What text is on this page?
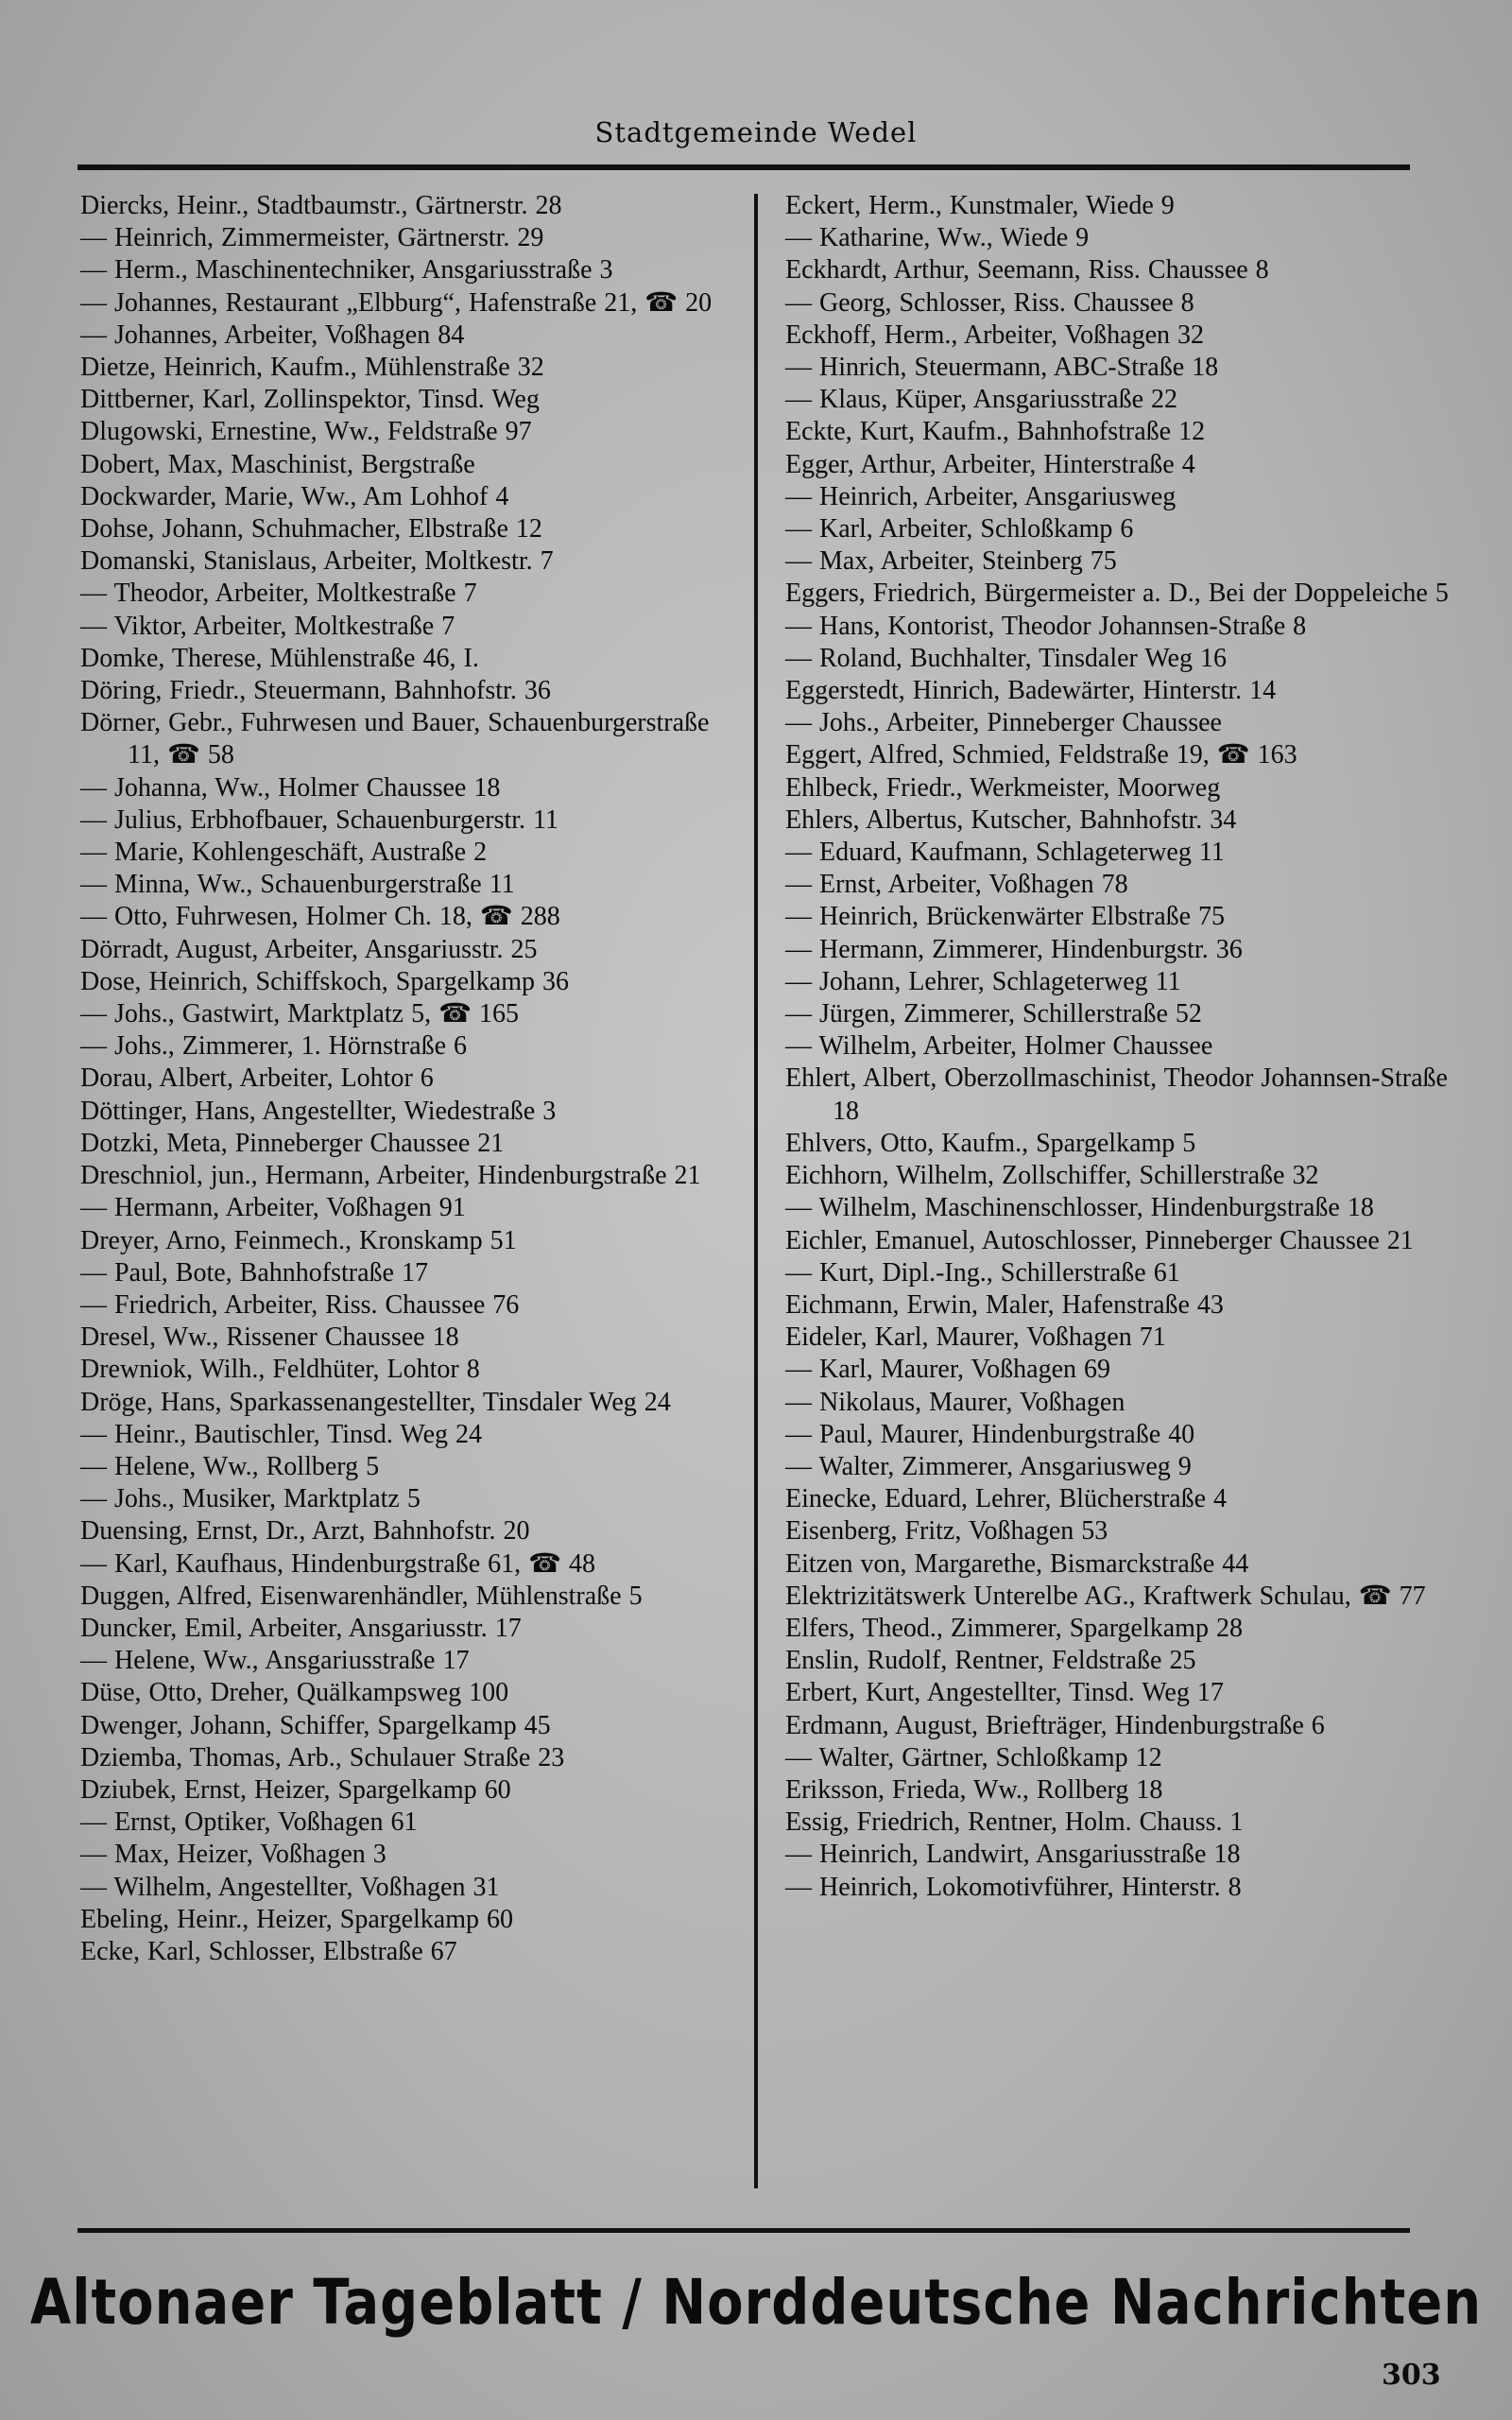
Stadtgemeinde Wedel
Diercks, Heinr., Stadtbaumstr., Gärtnerstr. 28
— Heinrich, Zimmermeister, Gärtnerstr. 29
— Herm., Maschinentechniker, Ansgariusstraße 3
— Johannes, Restaurant „Elbburg“, Hafenstraße 21, ☎ 20
— Johannes, Arbeiter, Voßhagen 84
Dietze, Heinrich, Kaufm., Mühlenstraße 32
Dittberner, Karl, Zollinspektor, Tinsd. Weg
Dlugowski, Ernestine, Ww., Feldstraße 97
Dobert, Max, Maschinist, Bergstraße
Dockwarder, Marie, Ww., Am Lohhof 4
Dohse, Johann, Schuhmacher, Elbstraße 12
Domanski, Stanislaus, Arbeiter, Moltkestr. 7
— Theodor, Arbeiter, Moltkestraße 7
— Viktor, Arbeiter, Moltkestraße 7
Domke, Therese, Mühlenstraße 46, I.
Döring, Friedr., Steuermann, Bahnhofstr. 36
Dörner, Gebr., Fuhrwesen und Bauer, Schauenburgerstraße 11, ☎ 58
— Johanna, Ww., Holmer Chaussee 18
— Julius, Erbhofbauer, Schauenburgerstr. 11
— Marie, Kohlengeschäft, Austraße 2
— Minna, Ww., Schauenburgerstraße 11
— Otto, Fuhrwesen, Holmer Ch. 18, ☎ 288
Dörradt, August, Arbeiter, Ansgariusstr. 25
Dose, Heinrich, Schiffskoch, Spargelkamp 36
— Johs., Gastwirt, Marktplatz 5, ☎ 165
— Johs., Zimmerer, 1. Hörnstraße 6
Dorau, Albert, Arbeiter, Lohtor 6
Döttinger, Hans, Angestellter, Wiedestraße 3
Dotzki, Meta, Pinneberger Chaussee 21
Dreschniol, jun., Hermann, Arbeiter, Hindenburgstraße 21
— Hermann, Arbeiter, Voßhagen 91
Dreyer, Arno, Feinmech., Kronskamp 51
— Paul, Bote, Bahnhofstraße 17
— Friedrich, Arbeiter, Riss. Chaussee 76
Dresel, Ww., Rissener Chaussee 18
Drewniok, Wilh., Feldhüter, Lohtor 8
Dröge, Hans, Sparkassenangestellter, Tinsdaler Weg 24
— Heinr., Bautischler, Tinsd. Weg 24
— Helene, Ww., Rollberg 5
— Johs., Musiker, Marktplatz 5
Duensing, Ernst, Dr., Arzt, Bahnhofstr. 20
— Karl, Kaufhaus, Hindenburgstraße 61, ☎ 48
Duggen, Alfred, Eisenwarenhändler, Mühlenstraße 5
Duncker, Emil, Arbeiter, Ansgariusstr. 17
— Helene, Ww., Ansgariusstraße 17
Düse, Otto, Dreher, Quälkampsweg 100
Dwenger, Johann, Schiffer, Spargelkamp 45
Dziemba, Thomas, Arb., Schulauer Straße 23
Dziubek, Ernst, Heizer, Spargelkamp 60
— Ernst, Optiker, Voßhagen 61
— Max, Heizer, Voßhagen 3
— Wilhelm, Angestellter, Voßhagen 31
Ebeling, Heinr., Heizer, Spargelkamp 60
Ecke, Karl, Schlosser, Elbstraße 67
Eckert, Herm., Kunstmaler, Wiede 9
— Katharine, Ww., Wiede 9
Eckhardt, Arthur, Seemann, Riss. Chaussee 8
— Georg, Schlosser, Riss. Chaussee 8
Eckhoff, Herm., Arbeiter, Voßhagen 32
— Hinrich, Steuermann, ABC-Straße 18
— Klaus, Küper, Ansgariusstraße 22
Eckte, Kurt, Kaufm., Bahnhofstraße 12
Egger, Arthur, Arbeiter, Hinterstraße 4
— Heinrich, Arbeiter, Ansgariusweg
— Karl, Arbeiter, Schloßkamp 6
— Max, Arbeiter, Steinberg 75
Eggers, Friedrich, Bürgermeister a. D., Bei der Doppeleiche 5
— Hans, Kontorist, Theodor Johannsen-Straße 8
— Roland, Buchhalter, Tinsdaler Weg 16
Eggerstedt, Hinrich, Badewärter, Hinterstr. 14
— Johs., Arbeiter, Pinneberger Chaussee
Eggert, Alfred, Schmied, Feldstraße 19, ☎ 163
Ehlbeck, Friedr., Werkmeister, Moorweg
Ehlers, Albertus, Kutscher, Bahnhofstr. 34
— Eduard, Kaufmann, Schlageterweg 11
— Ernst, Arbeiter, Voßhagen 78
— Heinrich, Brückenwärter Elbstraße 75
— Hermann, Zimmerer, Hindenburgstr. 36
— Johann, Lehrer, Schlageterweg 11
— Jürgen, Zimmerer, Schillerstraße 52
— Wilhelm, Arbeiter, Holmer Chaussee
Ehlert, Albert, Oberzollmaschinist, Theodor Johannsen-Straße 18
Ehlvers, Otto, Kaufm., Spargelkamp 5
Eichhorn, Wilhelm, Zollschiffer, Schillerstraße 32
— Wilhelm, Maschinenschlosser, Hindenburgstraße 18
Eichler, Emanuel, Autoschlosser, Pinneberger Chaussee 21
— Kurt, Dipl.-Ing., Schillerstraße 61
Eichmann, Erwin, Maler, Hafenstraße 43
Eideler, Karl, Maurer, Voßhagen 71
— Karl, Maurer, Voßhagen 69
— Nikolaus, Maurer, Voßhagen
— Paul, Maurer, Hindenburgstraße 40
— Walter, Zimmerer, Ansgariusweg 9
Einecke, Eduard, Lehrer, Blücherstraße 4
Eisenberg, Fritz, Voßhagen 53
Eitzen von, Margarethe, Bismarckstraße 44
Elektrizitätswerk Unterelbe AG., Kraftwerk Schulau, ☎ 77
Elfers, Theod., Zimmerer, Spargelkamp 28
Enslin, Rudolf, Rentner, Feldstraße 25
Erbert, Kurt, Angestellter, Tinsd. Weg 17
Erdmann, August, Briefträger, Hindenburgstraße 6
— Walter, Gärtner, Schloßkamp 12
Eriksson, Frieda, Ww., Rollberg 18
Essig, Friedrich, Rentner, Holm. Chauss. 1
— Heinrich, Landwirt, Ansgariusstraße 18
— Heinrich, Lokomotivführer, Hinterstr. 8
Altonaer Tageblatt / Norddeutsche Nachrichten
303
